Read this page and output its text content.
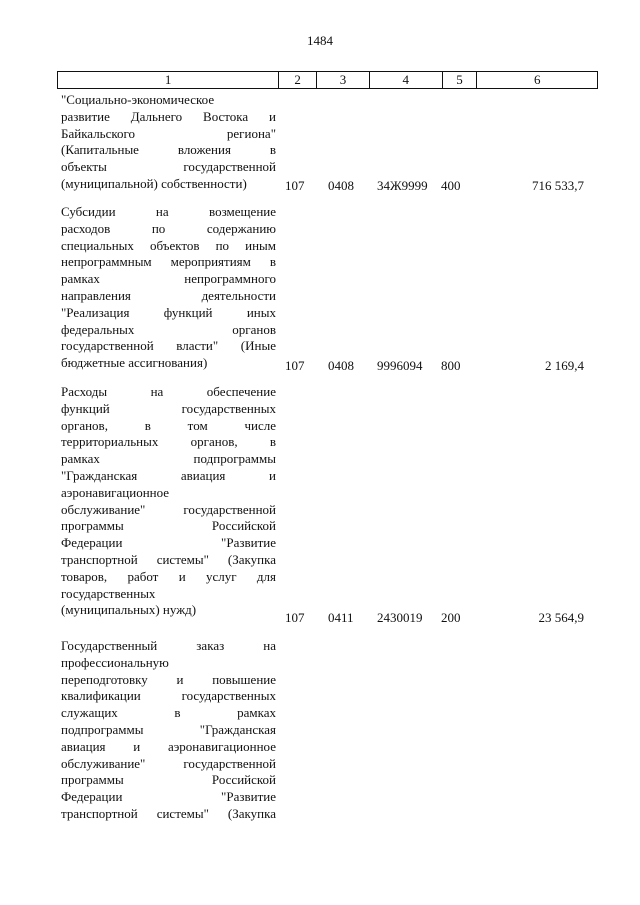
1484
1	2	3	4	5	6
"Социально-экономическое
развитие Дальнего Востока и
Байкальского региона"
(Капитальные вложения в
объекты государственной
(муниципальной) собственности)	107 0408 34Ж9999 400	716 533,7
Субсидии на возмещение
расходов по содержанию
специальных объектов по иным
непрограммным мероприятиям в
рамках непрограммного
направления деятельности
"Реализация функций иных
федеральных органов
государственной власти" (Иные
бюджетные ассигнования)	107 0408 9996094 800	2 169,4
Расходы на обеспечение
функций государственных
органов, в том числе
территориальных органов, в
рамках подпрограммы
"Гражданская авиация и
аэронавигационное
обслуживание" государственной
программы Российской
Федерации "Развитие
транспортной системы" (Закупка
товаров, работ и услуг для
государственных
(муниципальных) нужд)
107 0411 2430019 200	23 564,9
Государственный заказ на
профессиональную
переподготовку и повышение
квалификации государственных
служащих в рамках
подпрограммы "Гражданская
авиация и аэронавигационное
обслуживание" государственной
программы Российской
Федерации "Развитие
транспортной системы" (Закупка
